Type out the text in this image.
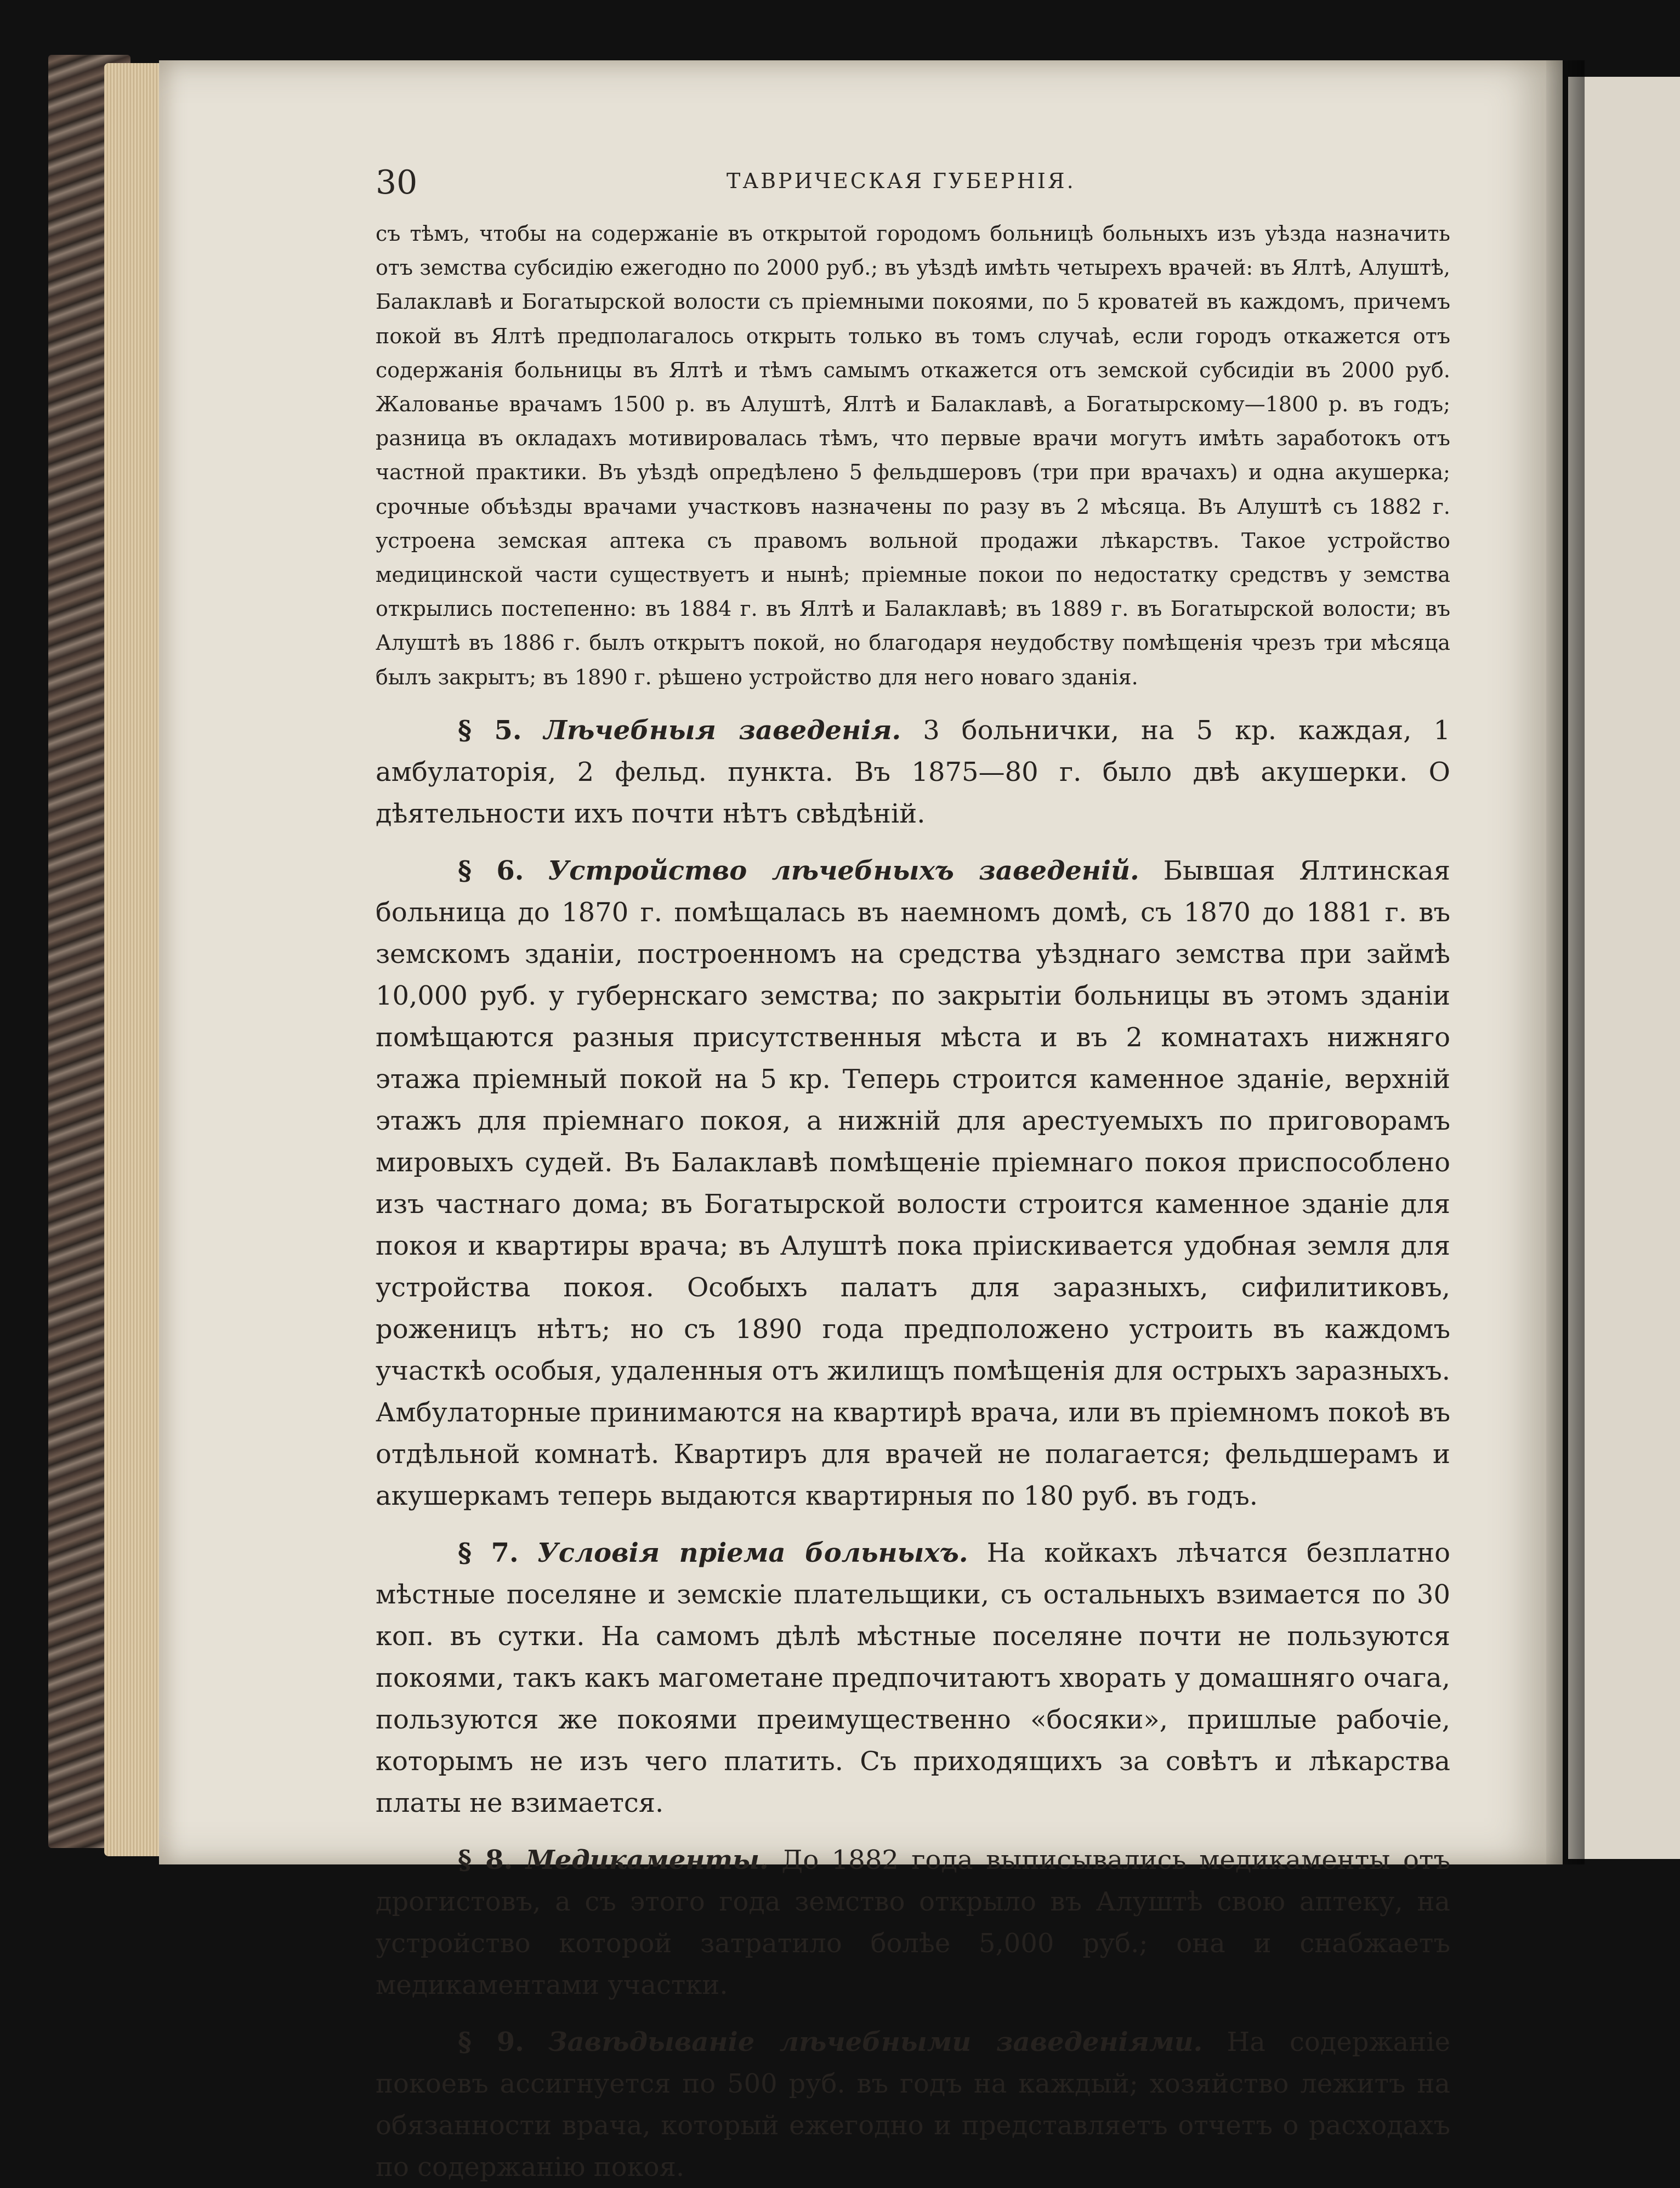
30	ТАВРИЧЕСКАЯ ГУБЕРНІЯ.

съ тѣмъ, чтобы на содержаніе въ открытой городомъ больницѣ больныхъ изъ уѣзда назначить отъ земства субсидію ежегодно по 2000 руб.; въ уѣздѣ имѣть четырехъ врачей: въ Ялтѣ, Алуштѣ, Балаклавѣ и Богатырской волости съ пріемными покоями, по 5 кроватей въ каждомъ, причемъ покой въ Ялтѣ предполагалось открыть только въ томъ случаѣ, если городъ откажется отъ содержанія больницы въ Ялтѣ и тѣмъ самымъ откажется отъ земской субсидіи въ 2000 руб. Жалованье врачамъ 1500 р. въ Алуштѣ, Ялтѣ и Балаклавѣ, а Богатырскому—1800 р. въ годъ; разница въ окладахъ мотивировалась тѣмъ, что первые врачи могутъ имѣть заработокъ отъ частной практики. Въ уѣздѣ опредѣлено 5 фельдшеровъ (три при врачахъ) и одна акушерка; срочные объѣзды врачами участковъ назначены по разу въ 2 мѣсяца. Въ Алуштѣ съ 1882 г. устроена земская аптека съ правомъ вольной продажи лѣкарствъ. Такое устройство медицинской части существуетъ и нынѣ; пріемные покои по недостатку средствъ у земства открылись постепенно: въ 1884 г. въ Ялтѣ и Балаклавѣ; въ 1889 г. въ Богатырской волости; въ Алуштѣ въ 1886 г. былъ открытъ покой, но благодаря неудобству помѣщенія чрезъ три мѣсяца былъ закрытъ; въ 1890 г. рѣшено устройство для него новаго зданія.

§ 5. Лѣчебныя заведенія. 3 больнички, на 5 кр. каждая, 1 амбулаторія, 2 фельд. пункта. Въ 1875—80 г. было двѣ акушерки. О дѣятельности ихъ почти нѣтъ свѣдѣній.

§ 6. Устройство лѣчебныхъ заведеній. Бывшая Ялтинская больница до 1870 г. помѣщалась въ наемномъ домѣ, съ 1870 до 1881 г. въ земскомъ зданіи, построенномъ на средства уѣзднаго земства при займѣ 10,000 руб. у губернскаго земства; по закрытіи больницы въ этомъ зданіи помѣщаются разныя присутственныя мѣста и въ 2 комнатахъ нижняго этажа пріемный покой на 5 кр. Теперь строится каменное зданіе, верхній этажъ для пріемнаго покоя, а нижній для арестуемыхъ по приговорамъ мировыхъ судей. Въ Балаклавѣ помѣщеніе пріемнаго покоя приспособлено изъ частнаго дома; въ Богатырской волости строится каменное зданіе для покоя и квартиры врача; въ Алуштѣ пока пріискивается удобная земля для устройства покоя. Особыхъ палатъ для заразныхъ, сифилитиковъ, роженицъ нѣтъ; но съ 1890 года предположено устроить въ каждомъ участкѣ особыя, удаленныя отъ жилищъ помѣщенія для острыхъ заразныхъ. Амбулаторные принимаются на квартирѣ врача, или въ пріемномъ покоѣ въ отдѣльной комнатѣ. Квартиръ для врачей не полагается; фельдшерамъ и акушеркамъ теперь выдаются квартирныя по 180 руб. въ годъ.

§ 7. Условія пріема больныхъ. На койкахъ лѣчатся безплатно мѣстные поселяне и земскіе плательщики, съ остальныхъ взимается по 30 коп. въ сутки. На самомъ дѣлѣ мѣстные поселяне почти не пользуются покоями, такъ какъ магометане предпочитаютъ хворать у домашняго очага, пользуются же покоями преимущественно «босяки», пришлые рабочіе, которымъ не изъ чего платить. Съ приходящихъ за совѣтъ и лѣкарства платы не взимается.

§ 8. Медикаменты. До 1882 года выписывались медикаменты отъ дрогистовъ, а съ этого года земство открыло въ Алуштѣ свою аптеку, на устройство которой затратило болѣе 5,000 руб.; она и снабжаетъ медикаментами участки.

§ 9. Завѣдываніе лѣчебными заведеніями. На содержаніе покоевъ ассигнуется по 500 руб. въ годъ на каждый; хозяйство лежитъ на обязанности врача, который ежегодно и представляетъ отчетъ о расходахъ по содержанію покоя.
